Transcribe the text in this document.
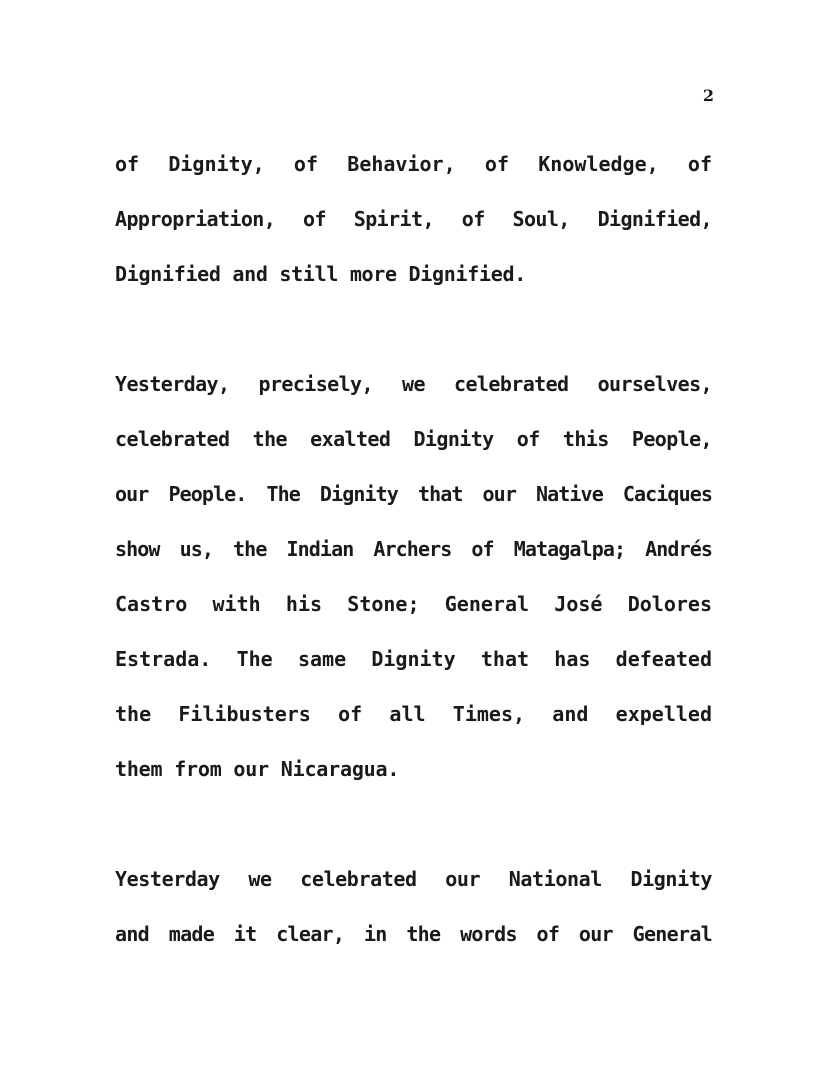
2
of Dignity, of Behavior, of Knowledge, of
Appropriation, of Spirit, of Soul, Dignified,
Dignified and still more Dignified.
Yesterday, precisely, we celebrated ourselves,
celebrated the exalted Dignity of this People,
our People. The Dignity that our Native Caciques
show us, the Indian Archers of Matagalpa; Andrés
Castro with his Stone; General José Dolores
Estrada. The same Dignity that has defeated
the Filibusters of all Times, and expelled
them from our Nicaragua.
Yesterday we celebrated our National Dignity
and made it clear, in the words of our General
